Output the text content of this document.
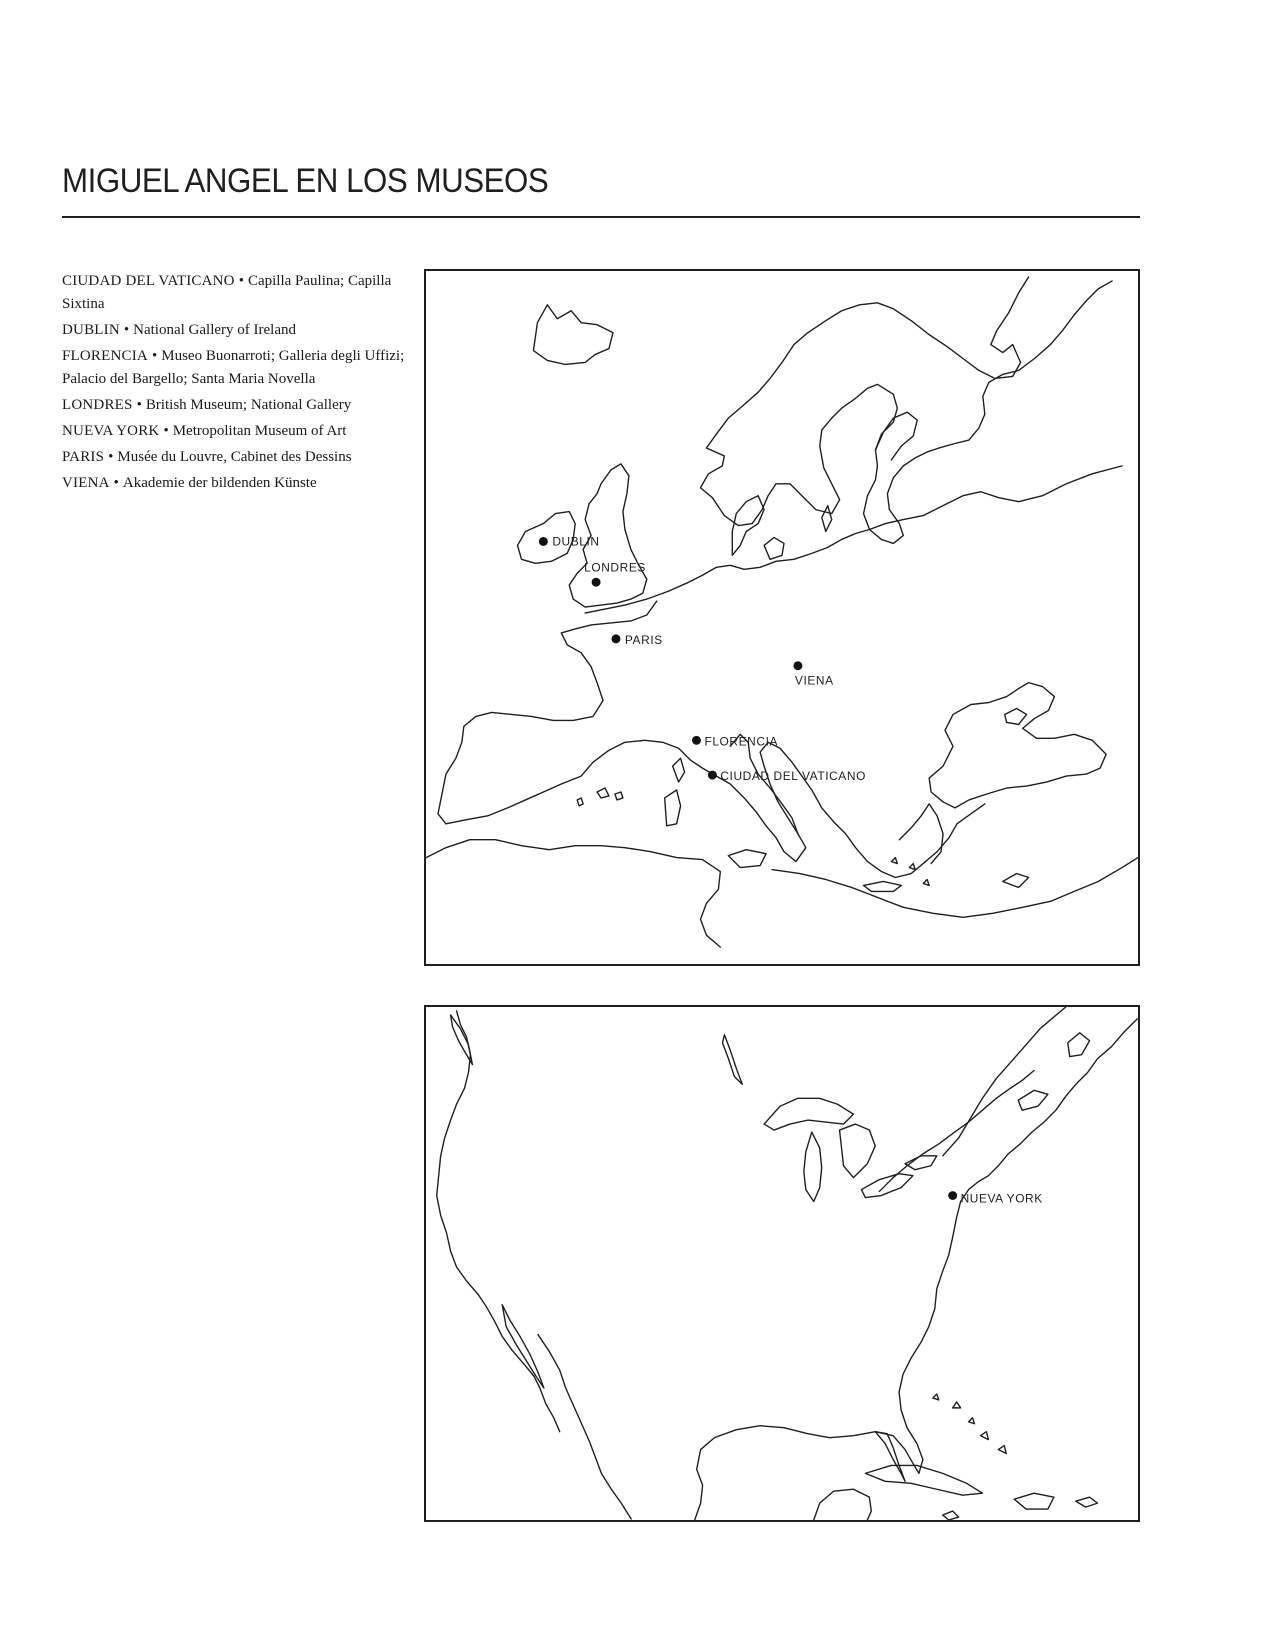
MIGUEL ANGEL EN LOS MUSEOS
CIUDAD DEL VATICANO • Capilla Paulina; Capilla Sixtina
DUBLIN • National Gallery of Ireland
FLORENCIA • Museo Buonarroti; Galleria degli Uffizi; Palacio del Bargello; Santa Maria Novella
LONDRES • British Museum; National Gallery
NUEVA YORK • Metropolitan Museum of Art
PARIS • Musée du Louvre, Cabinet des Dessins
VIENA • Akademie der bildenden Künste
DUBLIN
LONDRES
PARIS
VIENA
FLORENCIA
CIUDAD DEL VATICANO
NUEVA YORK
